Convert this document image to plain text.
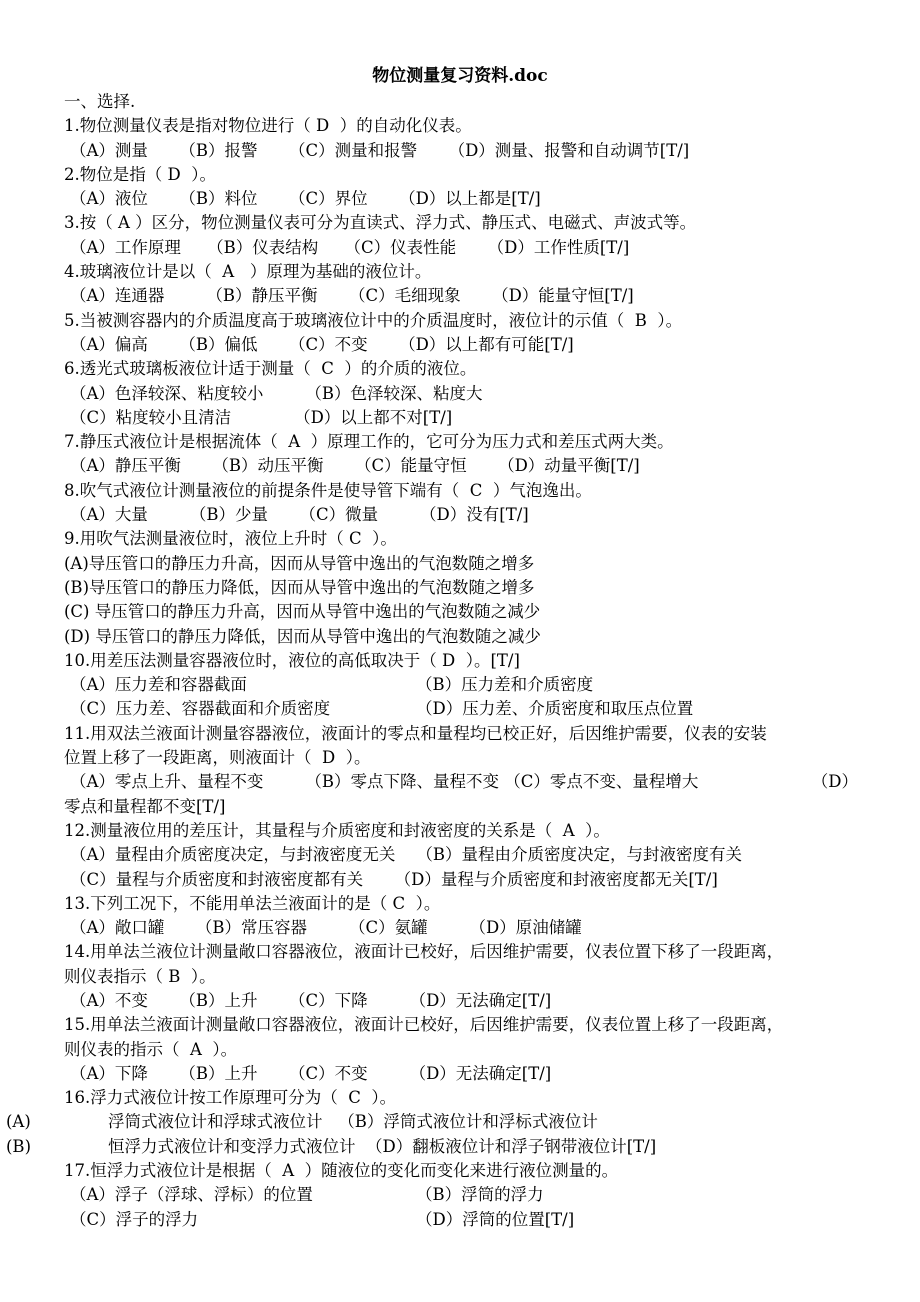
物位测量复习资料.doc
一、选择.
1.物位测量仪表是指对物位进行（ D  ）的自动化仪表。
（A）测量      （B）报警      （C）测量和报警      （D）测量、报警和自动调节[T/]
2.物位是指（ D  ）。
（A）液位      （B）料位      （C）界位      （D）以上都是[T/]
3.按（ A ）区分，物位测量仪表可分为直读式、浮力式、静压式、电磁式、声波式等。
（A）工作原理     （B）仪表结构     （C）仪表性能      （D）工作性质[T/]
4.玻璃液位计是以（  A   ）原理为基础的液位计。
（A）连通器        （B）静压平衡      （C）毛细现象      （D）能量守恒[T/]
5.当被测容器内的介质温度高于玻璃液位计中的介质温度时，液位计的示值（  B  ）。
（A）偏高      （B）偏低      （C）不变      （D）以上都有可能[T/]
6.透光式玻璃板液位计适于测量（  C  ）的介质的液位。
（A）色泽较深、粘度较小        （B）色泽较深、粘度大
（C）粘度较小且清洁            （D）以上都不对[T/]
7.静压式液位计是根据流体（  A  ）原理工作的，它可分为压力式和差压式两大类。
（A）静压平衡      （B）动压平衡      （C）能量守恒      （D）动量平衡[T/]
8.吹气式液位计测量液位的前提条件是使导管下端有（  C  ）气泡逸出。
（A）大量        （B）少量      （C）微量        （D）没有[T/]
9.用吹气法测量液位时，液位上升时（ C  ）。
(A)导压管口的静压力升高，因而从导管中逸出的气泡数随之增多
(B)导压管口的静压力降低，因而从导管中逸出的气泡数随之增多
(C) 导压管口的静压力升高，因而从导管中逸出的气泡数随之减少
(D) 导压管口的静压力降低，因而从导管中逸出的气泡数随之减少
10.用差压法测量容器液位时，液位的高低取决于（ D  ）。[T/]
（A）压力差和容器截面	（B）压力差和介质密度
（C）压力差、容器截面和介质密度	（D）压力差、介质密度和取压点位置
11.用双法兰液面计测量容器液位，液面计的零点和量程均已校正好，后因维护需要，仪表的安装
位置上移了一段距离，则液面计（  D  ）。
（A）零点上升、量程不变        （B）零点下降、量程不变 （C）零点不变、量程增大	（D）
零点和量程都不变[T/]
12.测量液位用的差压计，其量程与介质密度和封液密度的关系是（  A  ）。
（A）量程由介质密度决定，与封液密度无关    （B）量程由介质密度决定，与封液密度有关
（C）量程与介质密度和封液密度都有关      （D）量程与介质密度和封液密度都无关[T/]
13.下列工况下，不能用单法兰液面计的是（ C  ）。
（A）敞口罐      （B）常压容器        （C）氨罐        （D）原油储罐
14.用单法兰液位计测量敞口容器液位，液面计已校好，后因维护需要，仪表位置下移了一段距离，
则仪表指示（ B  ）。
（A）不变      （B）上升      （C）下降        （D）无法确定[T/]
15.用单法兰液面计测量敞口容器液位，液面计已校好，后因维护需要，仪表位置上移了一段距离，
则仪表的指示（  A  ）。
（A）下降      （B）上升      （C）不变        （D）无法确定[T/]
16.浮力式液位计按工作原理可分为（  C  ）。
(A)	浮筒式液位计和浮球式液位计   （B）浮筒式液位计和浮标式液位计
(B)	恒浮力式液位计和变浮力式液位计  （D）翻板液位计和浮子钢带液位计[T/]
17.恒浮力式液位计是根据（  A  ）随液位的变化而变化来进行液位测量的。
（A）浮子（浮球、浮标）的位置	（B）浮筒的浮力
（C）浮子的浮力	（D）浮筒的位置[T/]
